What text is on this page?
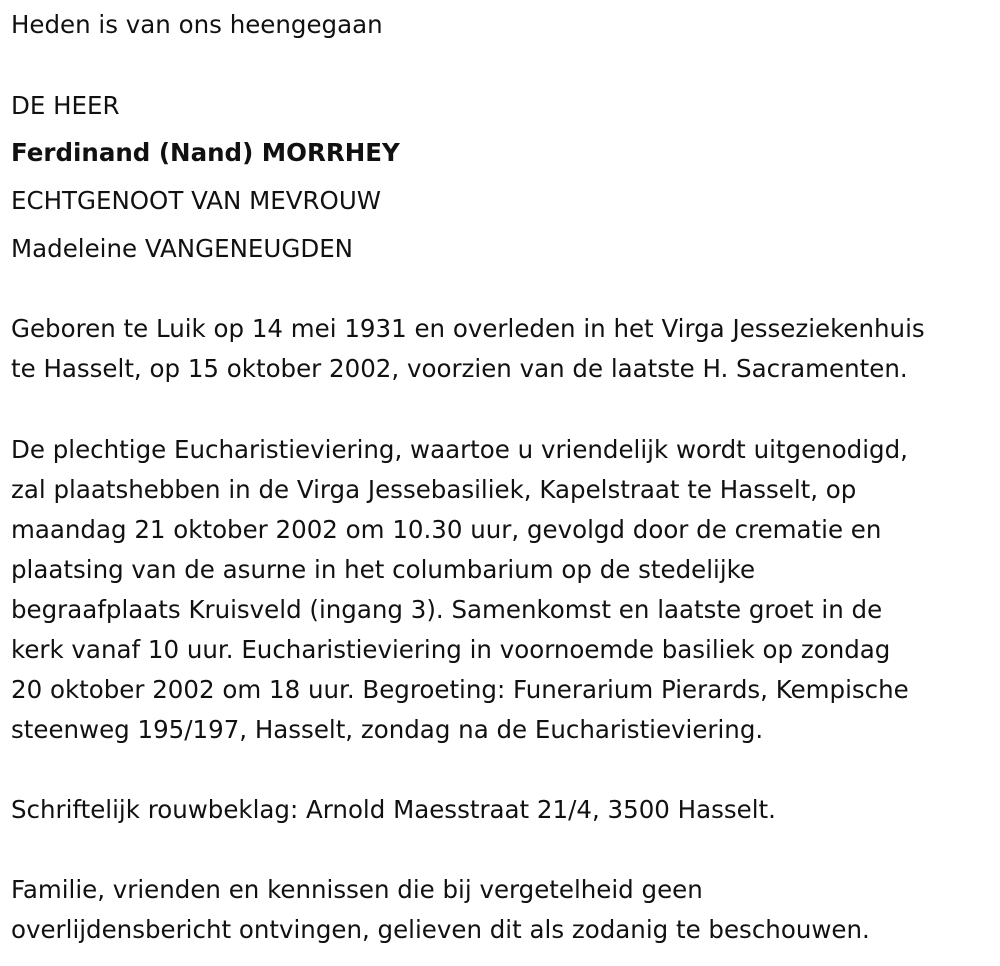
Heden is van ons heengegaan
DE HEER
Ferdinand (Nand) MORRHEY
ECHTGENOOT VAN MEVROUW
Madeleine VANGENEUGDEN
Geboren te Luik op 14 mei 1931 en overleden in het Virga Jesseziekenhuis
te Hasselt, op 15 oktober 2002, voorzien van de laatste H. Sacramenten.
De plechtige Eucharistieviering, waartoe u vriendelijk wordt uitgenodigd,
zal plaatshebben in de Virga Jessebasiliek, Kapelstraat te Hasselt, op
maandag 21 oktober 2002 om 10.30 uur, gevolgd door de crematie en
plaatsing van de asurne in het columbarium op de stedelijke
begraafplaats Kruisveld (ingang 3). Samenkomst en laatste groet in de
kerk vanaf 10 uur. Eucharistieviering in voornoemde basiliek op zondag
20 oktober 2002 om 18 uur. Begroeting: Funerarium Pierards, Kempische
steenweg 195/197, Hasselt, zondag na de Eucharistieviering.
Schriftelijk rouwbeklag: Arnold Maesstraat 21/4, 3500 Hasselt.
Familie, vrienden en kennissen die bij vergetelheid geen
overlijdensbericht ontvingen, gelieven dit als zodanig te beschouwen.
